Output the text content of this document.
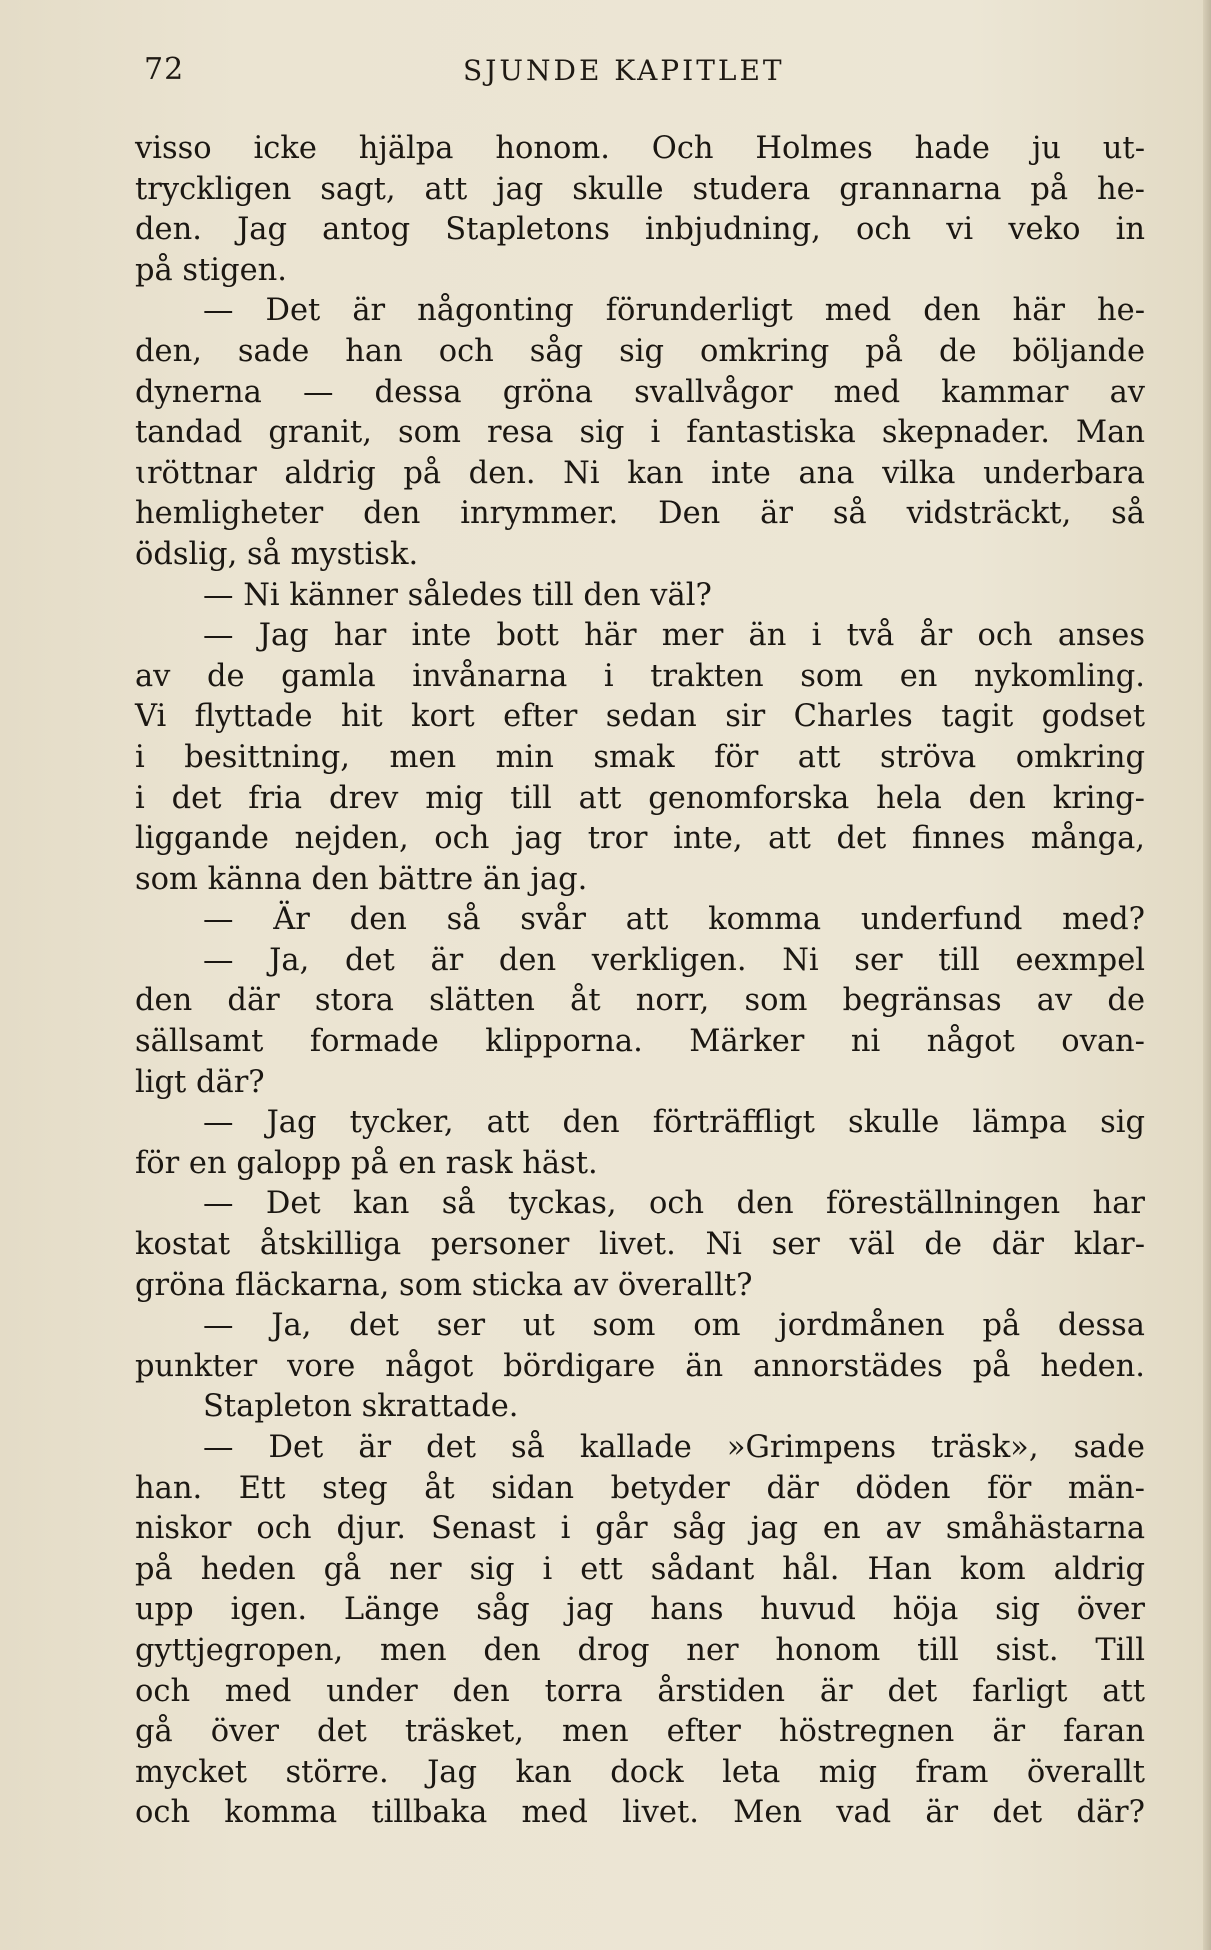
72	SJUNDE KAPITLET
visso icke hjälpa honom. Och Holmes hade ju ut-
tryckligen sagt, att jag skulle studera grannarna på he-
den. Jag antog Stapletons inbjudning, och vi veko in
på stigen.
— Det är någonting förunderligt med den här he-
den, sade han och såg sig omkring på de böljande
dynerna — dessa gröna svallvågor med kammar av
tandad granit, som resa sig i fantastiska skepnader. Man
ɩröttnar aldrig på den. Ni kan inte ana vilka underbara
hemligheter den inrymmer. Den är så vidsträckt, så
ödslig, så mystisk.
— Ni känner således till den väl?
— Jag har inte bott här mer än i två år och anses
av de gamla invånarna i trakten som en nykomling.
Vi flyttade hit kort efter sedan sir Charles tagit godset
i besittning, men min smak för att ströva omkring
i det fria drev mig till att genomforska hela den kring-
liggande nejden, och jag tror inte, att det finnes många,
som känna den bättre än jag.
— Är den så svår att komma underfund med?
— Ja, det är den verkligen. Ni ser till eexmpel
den där stora slätten åt norr, som begränsas av de
sällsamt formade klipporna. Märker ni något ovan-
ligt där?
— Jag tycker, att den förträffligt skulle lämpa sig
för en galopp på en rask häst.
— Det kan så tyckas, och den föreställningen har
kostat åtskilliga personer livet. Ni ser väl de där klar-
gröna fläckarna, som sticka av överallt?
— Ja, det ser ut som om jordmånen på dessa
punkter vore något bördigare än annorstädes på heden.
Stapleton skrattade.
— Det är det så kallade »Grimpens träsk», sade
han. Ett steg åt sidan betyder där döden för män-
niskor och djur. Senast i går såg jag en av småhästarna
på heden gå ner sig i ett sådant hål. Han kom aldrig
upp igen. Länge såg jag hans huvud höja sig över
gyttjegropen, men den drog ner honom till sist. Till
och med under den torra årstiden är det farligt att
gå över det träsket, men efter höstregnen är faran
mycket större. Jag kan dock leta mig fram överallt
och komma tillbaka med livet. Men vad är det där?
